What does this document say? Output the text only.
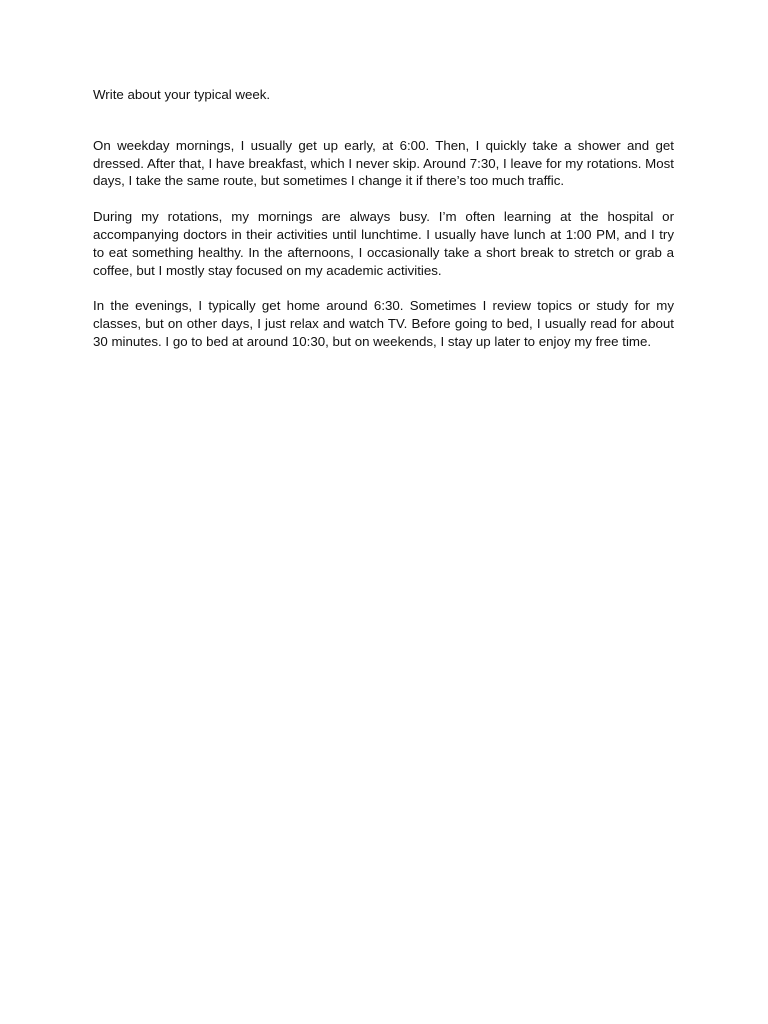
Write about your typical week.

On weekday mornings, I usually get up early, at 6:00. Then, I quickly take a shower and get dressed. After that, I have breakfast, which I never skip. Around 7:30, I leave for my rotations. Most days, I take the same route, but sometimes I change it if there’s too much traffic.

During my rotations, my mornings are always busy. I’m often learning at the hospital or accompanying doctors in their activities until lunchtime. I usually have lunch at 1:00 PM, and I try to eat something healthy. In the afternoons, I occasionally take a short break to stretch or grab a coffee, but I mostly stay focused on my academic activities.

In the evenings, I typically get home around 6:30. Sometimes I review topics or study for my classes, but on other days, I just relax and watch TV. Before going to bed, I usually read for about 30 minutes. I go to bed at around 10:30, but on weekends, I stay up later to enjoy my free time.
